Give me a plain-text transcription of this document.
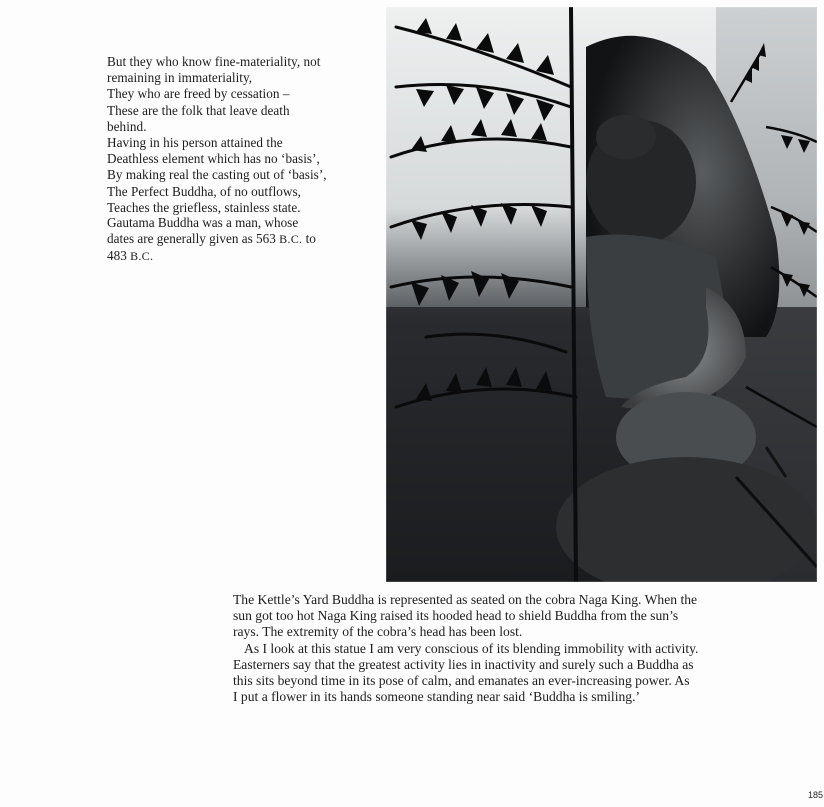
But they who know fine-materiality, not
remaining in immateriality,
They who are freed by cessation –
These are the folk that leave death
behind.
Having in his person attained the
Deathless element which has no ‘basis’,
By making real the casting out of ‘basis’,
The Perfect Buddha, of no outflows,
Teaches the griefless, stainless state.
Gautama Buddha was a man, whose
dates are generally given as 563 B.C. to
483 B.C.
The Kettle’s Yard Buddha is represented as seated on the cobra Naga King. When the
sun got too hot Naga King raised its hooded head to shield Buddha from the sun’s
rays. The extremity of the cobra’s head has been lost.
As I look at this statue I am very conscious of its blending immobility with activity.
Easterners say that the greatest activity lies in inactivity and surely such a Buddha as
this sits beyond time in its pose of calm, and emanates an ever-increasing power. As
I put a flower in its hands someone standing near said ‘Buddha is smiling.’
185
